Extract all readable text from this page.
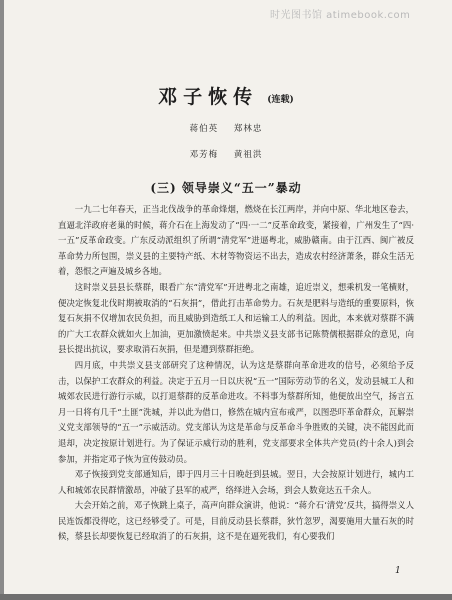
时光图书馆 atimebook.com
邓子恢传 (连载)
蒋伯英 郑林忠
邓芳梅 黄祖洪
(三) 领导崇义“五一”暴动

一九二七年春天，正当北伐战争的革命烽烟，燃烧在长江两岸，并向中原、华北地区卷去，直逼北洋政府老巢的时候，蒋介石在上海发动了“四·一二”反革命政变，紧接着，广州发生了“四·一五”反革命政变。广东反动派组织了所谓“清党军”进逼粤北，威胁赣南。由于江西、闽广被反革命势力所包围，崇义县的主要特产纸、木材等物资运不出去，造成农村经济萧条，群众生活无着，怨恨之声遍及城乡各地。

这时崇义县县长蔡群，眼看广东“清党军”开进粤北之南雄，追近崇义，想乘机发一笔横财，便决定恢复北伐时期被取消的“石灰捐”，借此打击革命势力。石灰是肥料与造纸的重要原料，恢复石灰捐不仅增加农民负担，而且威胁到造纸工人和运输工人的利益。因此，本来就对蔡群不满的广大工农群众就如火上加油，更加激愤起来。中共崇义县支部书记陈赞儒根据群众的意见，向县长提出抗议，要求取消石灰捐，但是遭到蔡群拒绝。

四月底，中共崇义县支部研究了这种情况，认为这是蔡群向革命进攻的信号，必须给予反击，以保护工农群众的利益。决定于五月一日以庆祝“五一”国际劳动节的名义，发动县城工人和城郊农民进行游行示威，以打退蔡群的反革命进攻。不料事为蔡群所知，他便放出空气，扬言五月一日将有几千“土匪”洗城，并以此为借口，修然在城内宣布戒严，以图恐吓革命群众，瓦解崇义党支部领导的“五一”示威活动。党支部认为这是革命与反革命斗争胜败的关键，决不能因此而退却，决定按原计划进行。为了保证示威行动的胜利，党支部要求全体共产党员(约十余人)到会参加，并指定邓子恢为宣传鼓动员。

邓子恢接到党支部通知后，即于四月三十日晚赶到县城。翌日，大会按原计划进行，城内工人和城郊农民群情激昂，冲破了县军的戒严，络绎进入会场，到会人数竟达五千余人。

大会开始之前，邓子恢跳上桌子，高声向群众演讲，他说：“蒋介石‘清党’反共，搞得崇义人民连饭都没得吃，这已经够受了。可是，目前反动县长蔡群，狄竹忽罗，渴要施用大量石灰的时候，蔡县长却要恢复已经取消了的石灰捐，这不是在逼死我们，有心要我们

1
